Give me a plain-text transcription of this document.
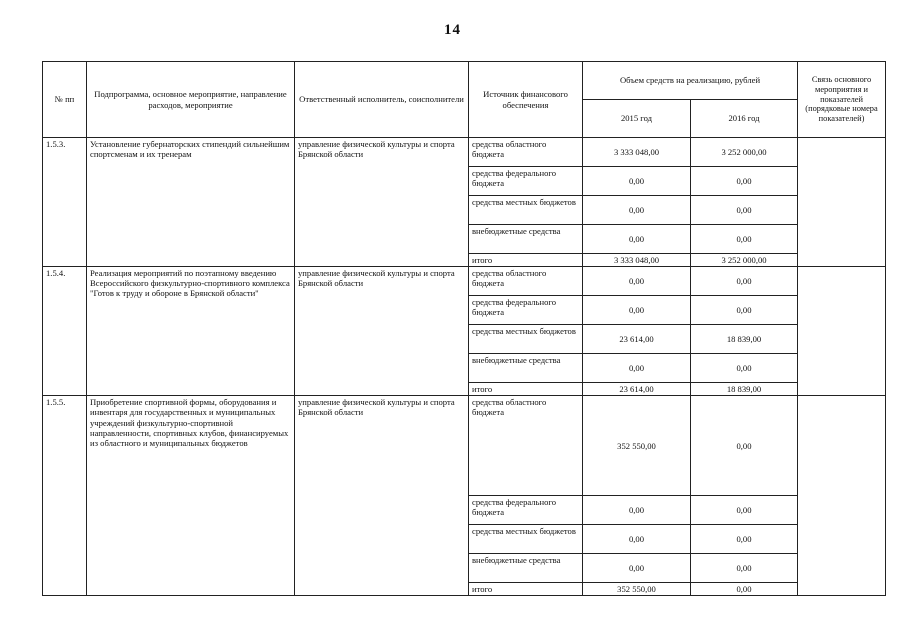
14
№ пп	Подпрограмма, основное мероприятие, направление расходов, мероприятие	Ответственный исполнитель, соисполнители	Источник финансового обеспечения	Объем средств на реализацию, рублей		Связь основного мероприятия и показателей (порядковые номера показателей)
				2015 год	2016 год	
1.5.3.	Установление губернаторских стипендий сильнейшим спортсменам и их тренерам	управление физической культуры и спорта Брянской области	средства областного бюджета	3 333 048,00	3 252 000,00	
			средства федерального бюджета	0,00	0,00	
			средства местных бюджетов	0,00	0,00	
			внебюджетные средства	0,00	0,00	
			итого	3 333 048,00	3 252 000,00	
1.5.4.	Реализация мероприятий по поэтапному введению Всероссийского физкультурно-спортивного комплекса "Готов к труду и обороне в Брянской области"	управление физической культуры и спорта Брянской области	средства областного бюджета	0,00	0,00	
			средства федерального бюджета	0,00	0,00	
			средства местных бюджетов	23 614,00	18 839,00	
			внебюджетные средства	0,00	0,00	
			итого	23 614,00	18 839,00	
1.5.5.	Приобретение спортивной формы, оборудования и инвентаря для государственных и муниципальных учреждений физкультурно-спортивной направленности, спортивных клубов, финансируемых из областного и муниципальных бюджетов	управление физической культуры и спорта Брянской области	средства областного бюджета	352 550,00	0,00	
			средства федерального бюджета	0,00	0,00	
			средства местных бюджетов	0,00	0,00	
			внебюджетные средства	0,00	0,00	
			итого	352 550,00	0,00	
